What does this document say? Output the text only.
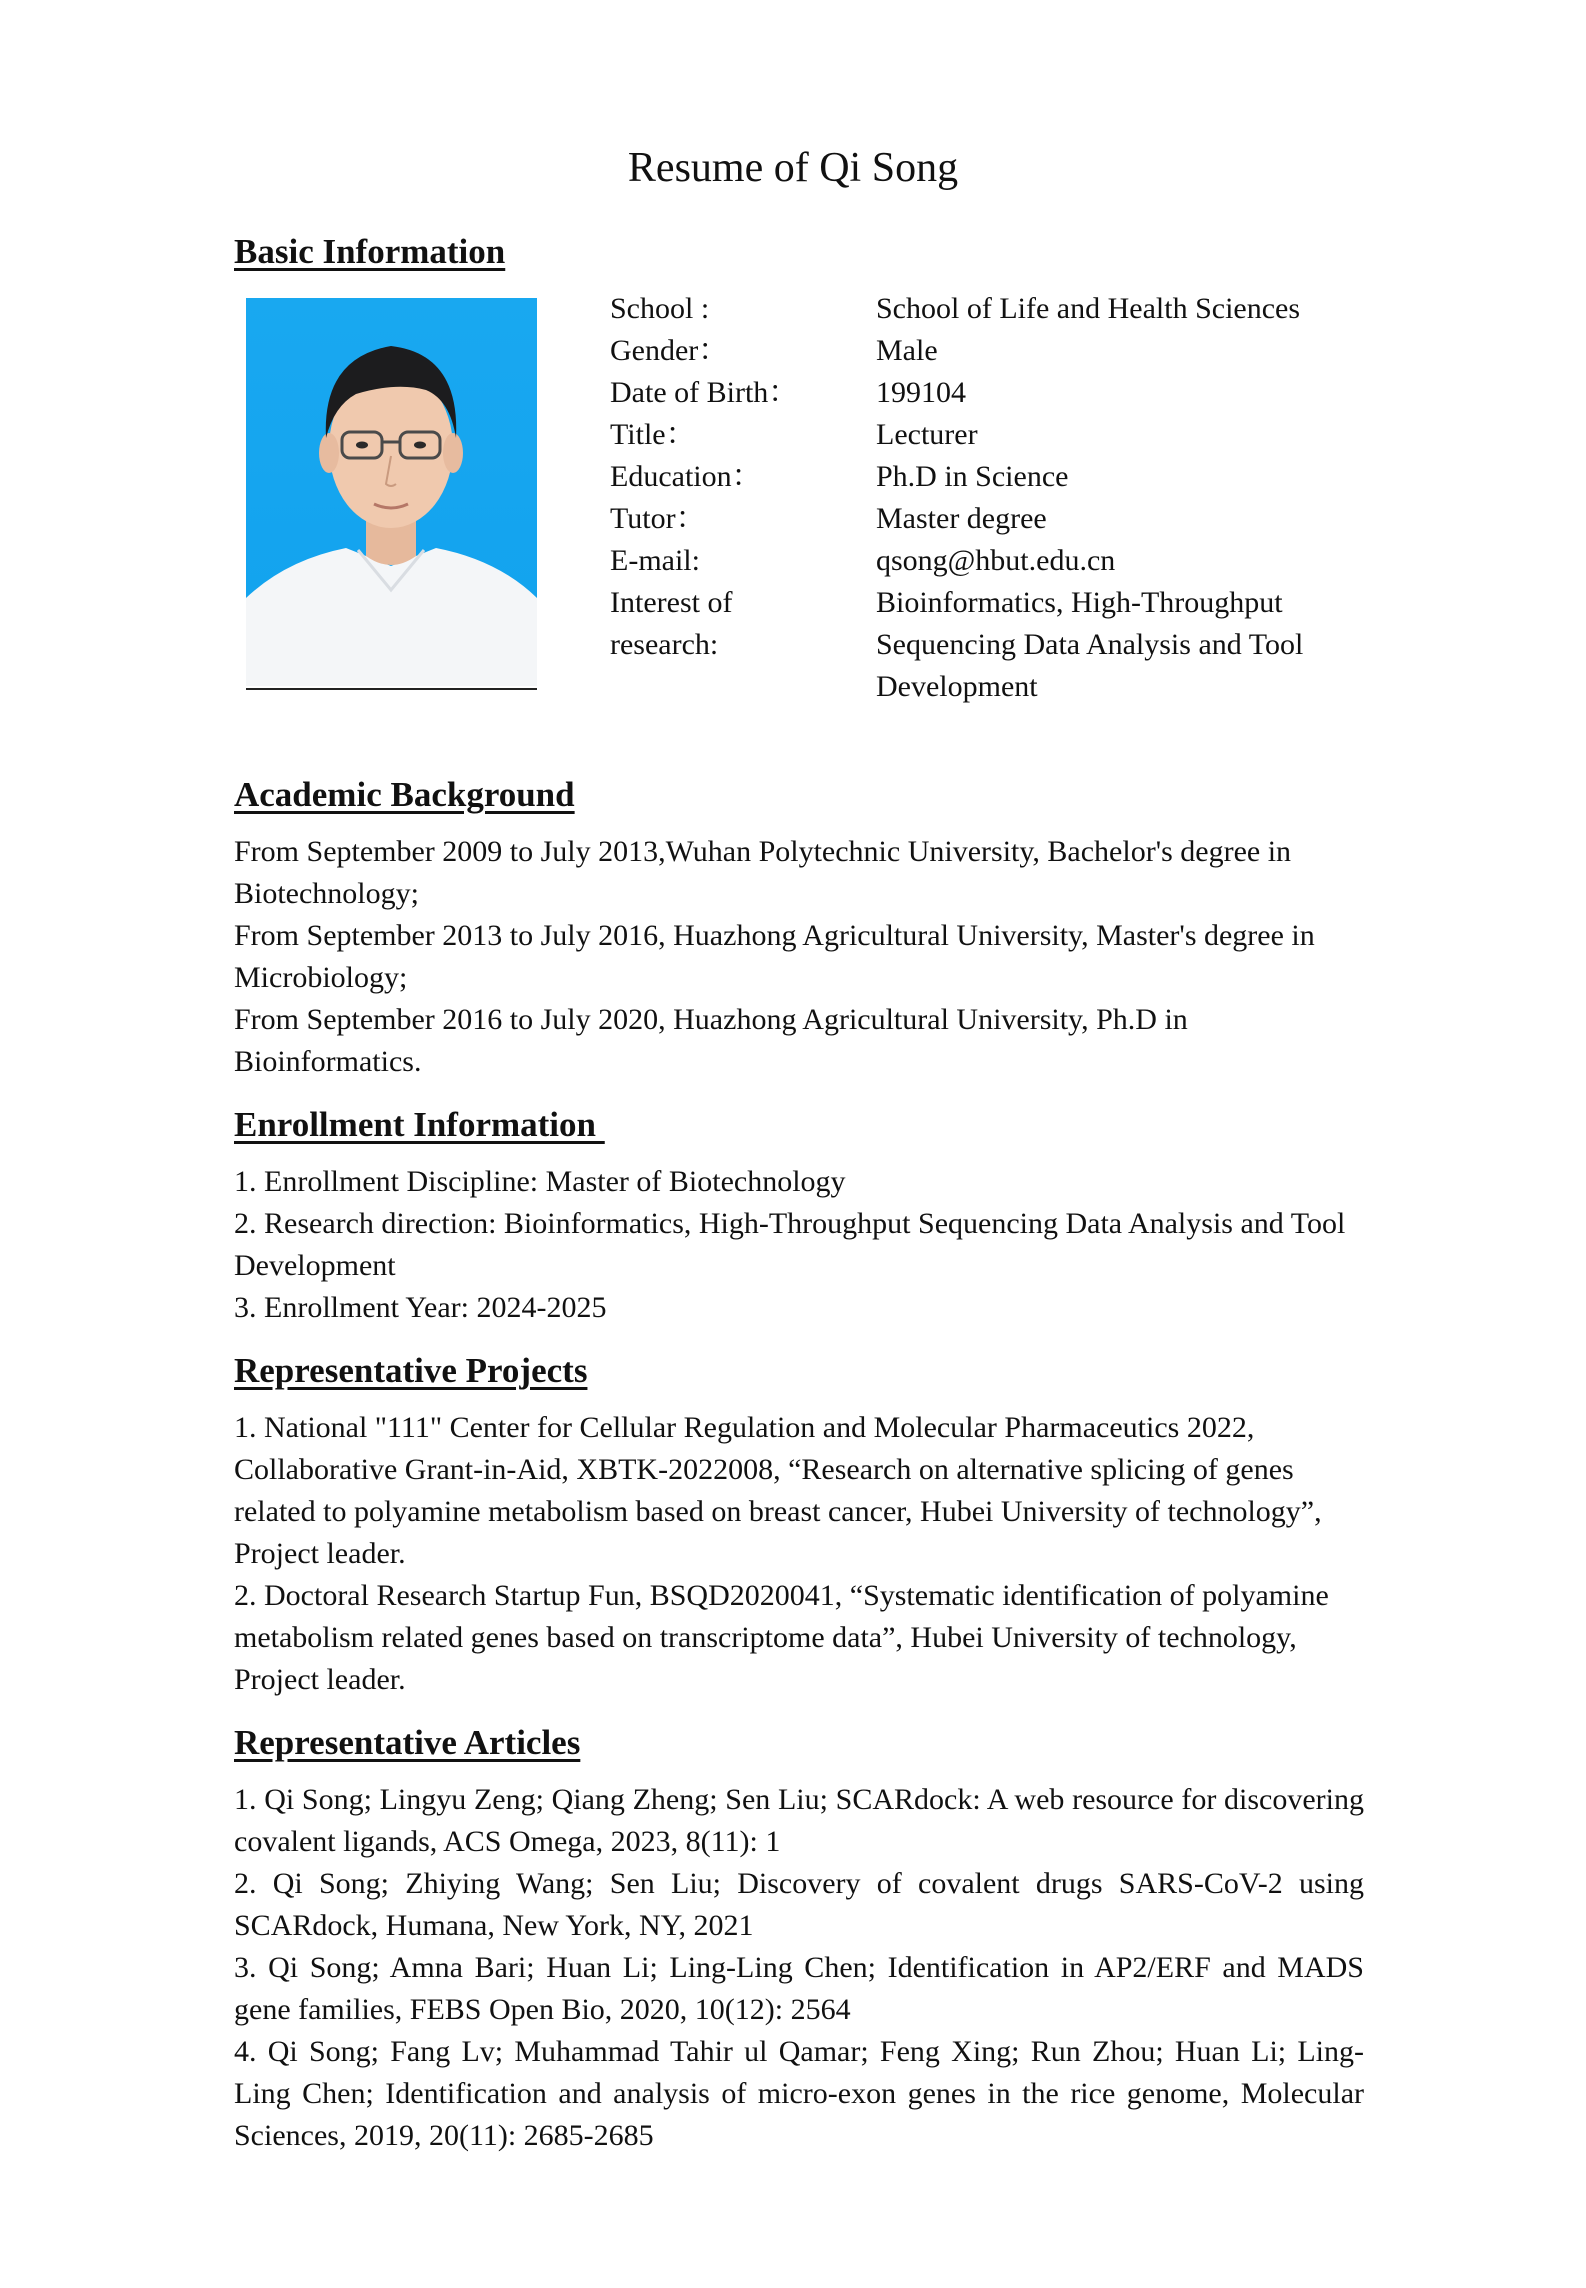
Resume of Qi Song
Basic Information
School :	School of Life and Health Sciences
Gender：	Male
Date of Birth：	199104
Title：	Lecturer
Education：	Ph.D in Science
Tutor：	Master degree
E-mail:	qsong@hbut.edu.cn
Interest of research:
Bioinformatics, High-Throughput Sequencing Data Analysis and Tool Development
Academic Background

From September 2009 to July 2013,Wuhan Polytechnic University, Bachelor's degree in Biotechnology;

From September 2013 to July 2016, Huazhong Agricultural University, Master's degree in Microbiology;

From September 2016 to July 2020, Huazhong Agricultural University, Ph.D in Bioinformatics.

Enrollment Information

1. Enrollment Discipline: Master of Biotechnology

2. Research direction: Bioinformatics, High-Throughput Sequencing Data Analysis and Tool Development

3. Enrollment Year: 2024-2025

Representative Projects

1. National "111" Center for Cellular Regulation and Molecular Pharmaceutics 2022, Collaborative Grant-in-Aid, XBTK-2022008, “Research on alternative splicing of genes related to polyamine metabolism based on breast cancer, Hubei University of technology”, Project leader.

2. Doctoral Research Startup Fun, BSQD2020041, “Systematic identification of polyamine metabolism related genes based on transcriptome data”, Hubei University of technology, Project leader.

Representative Articles

1. Qi Song; Lingyu Zeng; Qiang Zheng; Sen Liu; SCARdock: A web resource for discovering covalent ligands, ACS Omega, 2023, 8(11): 1

2. Qi Song; Zhiying Wang; Sen Liu; Discovery of covalent drugs SARS-CoV-2 using SCARdock, Humana, New York, NY, 2021

3. Qi Song; Amna Bari; Huan Li; Ling-Ling Chen; Identification in AP2/ERF and MADS gene families, FEBS Open Bio, 2020, 10(12): 2564

4. Qi Song; Fang Lv; Muhammad Tahir ul Qamar; Feng Xing; Run Zhou; Huan Li; Ling-Ling Chen; Identification and analysis of micro-exon genes in the rice genome, Molecular Sciences, 2019, 20(11): 2685-2685
